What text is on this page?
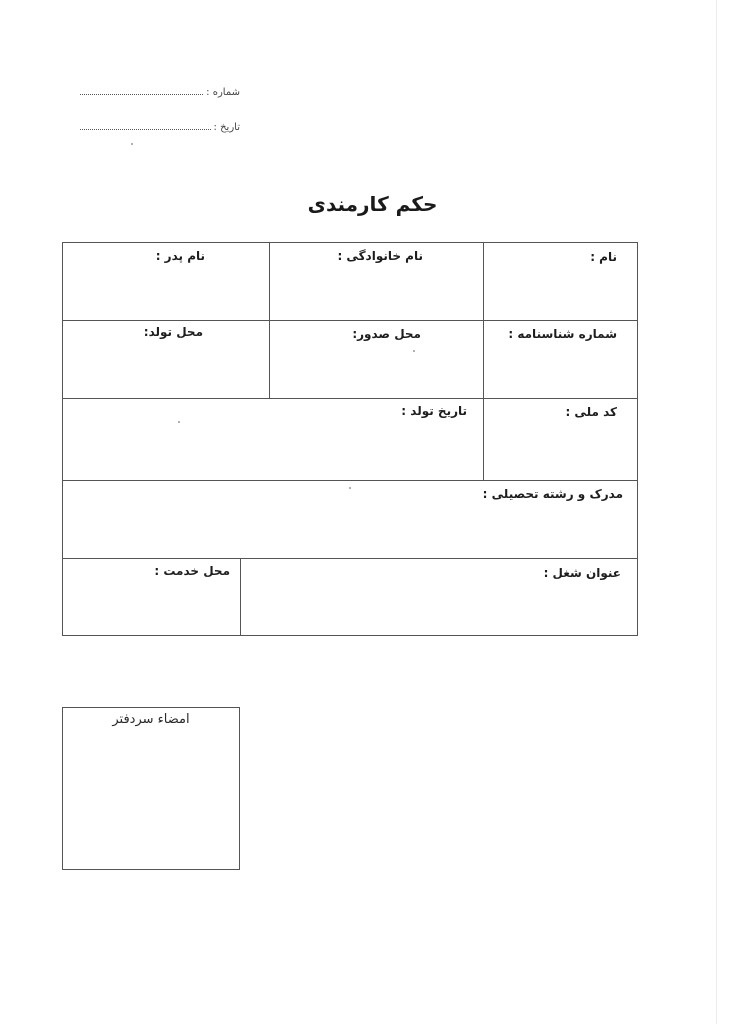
شماره :
تاریخ :
حکم کارمندی
نام :
نام خانوادگی :
نام پدر :
شماره شناسنامه :
محل صدور:
محل تولد:
کد ملی :
تاریخ تولد :
مدرک و رشته تحصیلی :
عنوان شغل :
محل خدمت :
امضاء سردفتر
